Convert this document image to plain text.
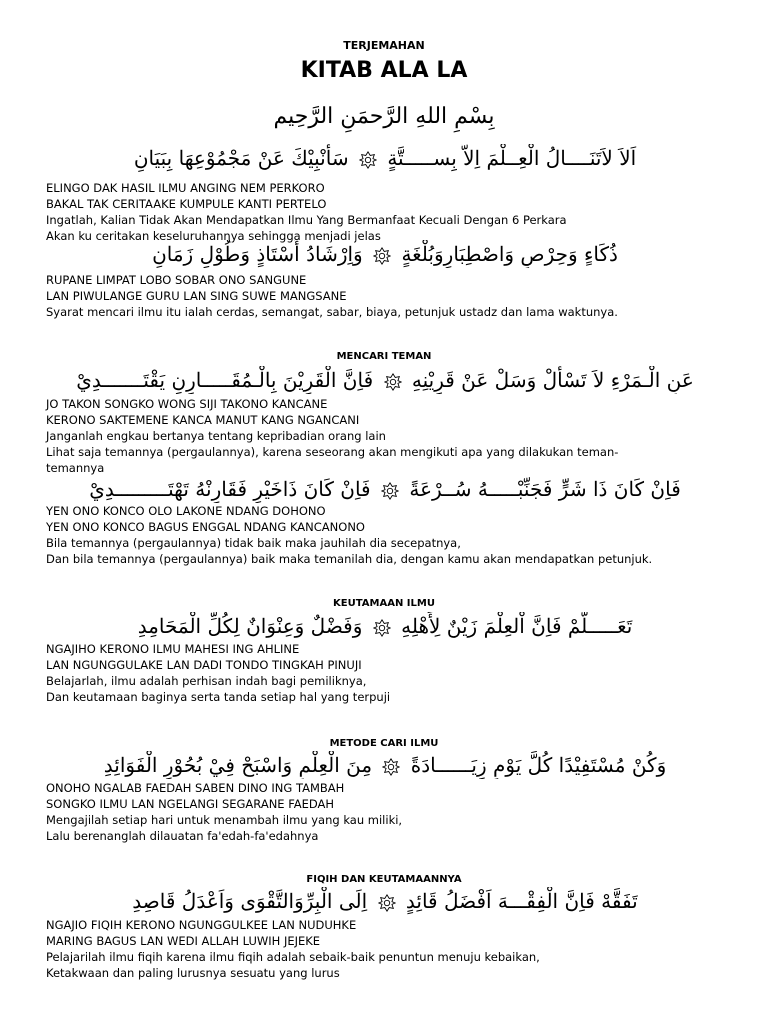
TERJEMAHAN
KITAB ALA LA
بِسْمِ اللهِ الرَّحمَنِ الرَّحِيم
اَلاَ لاَتَنَــــالُ الْعِــلْمَ اِلاَّ بِســـــتَّةٍ  سَأُنْبِيْكَ عَنْ مَجْمُوْعِهَا بِبَيَانٍ
ELINGO DAK HASIL ILMU ANGING NEM PERKORO
BAKAL TAK CERITAAKE KUMPULE KANTI PERTELO
Ingatlah, Kalian Tidak Akan Mendapatkan Ilmu Yang Bermanfaat Kecuali Dengan 6 Perkara
Akan ku ceritakan keseluruhannya sehingga menjadi jelas
ذُكَاءٍ وَحِرْصٍ وَاصْطِبَارٍوَبُلْغَةٍ  وَاِرْشَادُ أُسْتَاذٍ وَطُوْلِ زَمَانٍ
RUPANE LIMPAT LOBO SOBAR ONO SANGUNE
LAN PIWULANGE GURU LAN SING SUWE MANGSANE
Syarat mencari ilmu itu ialah cerdas, semangat, sabar, biaya, petunjuk ustadz dan lama waktunya.
MENCARI TEMAN
عَنِ الْـمَرْءِ لاَ تَسْأَلْ وَسَلْ عَنْ قَرِيْنِهِ  فَاِنَّ الْقَرِيْنَ بِالْـمُقَـــــارِنِ يَقْتَـــــــدِيْ
JO TAKON SONGKO WONG SIJI TAKONO KANCANE
KERONO SAKTEMENE KANCA MANUT KANG NGANCANI
Janganlah engkau bertanya tentang kepribadian orang lain
Lihat saja temannya (pergaulannya), karena seseorang akan mengikuti apa yang dilakukan teman-
temannya
فَاِنْ كَانَ ذَا شَرٍّ فَجَنِّبْـــــهُ سُــرْعَةً  فَاِنْ كَانَ ذَاخَيْرٍ فَقَارِنْهُ تَهْتَـــــــــدِيْ
YEN ONO KONCO OLO LAKONE NDANG DOHONO
YEN ONO KONCO BAGUS ENGGAL NDANG KANCANONO
Bila temannya (pergaulannya) tidak baik maka jauhilah dia secepatnya,
Dan bila temannya (pergaulannya) baik maka temanilah dia, dengan kamu akan mendapatkan petunjuk.
KEUTAMAAN ILMU
تَعَـــــلَّمْ فَاِنَّ اْلعِلْمَ زَيْنٌ لِأَهْلِهِ  وَفَضْلٌ وَعِنْوَانٌ لِكُلِّ الْمَحَامِدِ
NGAJIHO KERONO ILMU MAHESI ING AHLINE
LAN NGUNGGULAKE LAN DADI TONDO TINGKAH PINUJI
Belajarlah, ilmu adalah perhisan indah bagi pemiliknya,
Dan keutamaan baginya serta tanda setiap hal yang terpuji
METODE CARI ILMU
وَكُنْ مُسْتَفِيْدًا كُلَّ يَوْمٍ زِيَــــــادَةً  مِنَ الْعِلْمِ وَاسْبَحْ فِيْ بُحُوْرِ الْفَوَائِدِ
ONOHO NGALAB FAEDAH SABEN DINO ING TAMBAH
SONGKO ILMU LAN NGELANGI SEGARANE FAEDAH
Mengajilah setiap hari untuk menambah ilmu yang kau miliki,
Lalu berenanglah dilauatan fa'edah-fa'edahnya
FIQIH DAN KEUTAMAANNYA
تَفَقَّهْ فَاِنَّ الْفِقْـــهَ اَفْضَلُ قَائِدٍ  اِلَى الْبِرِّوَالتَّقْوَى وَاَعْدَلُ قَاصِدِ
NGAJIO FIQIH KERONO NGUNGGULKEE LAN NUDUHKE
MARING BAGUS LAN WEDI ALLAH LUWIH JEJEKE
Pelajarilah ilmu fiqih karena ilmu fiqih adalah sebaik-baik penuntun menuju kebaikan,
Ketakwaan dan paling lurusnya sesuatu yang lurus
